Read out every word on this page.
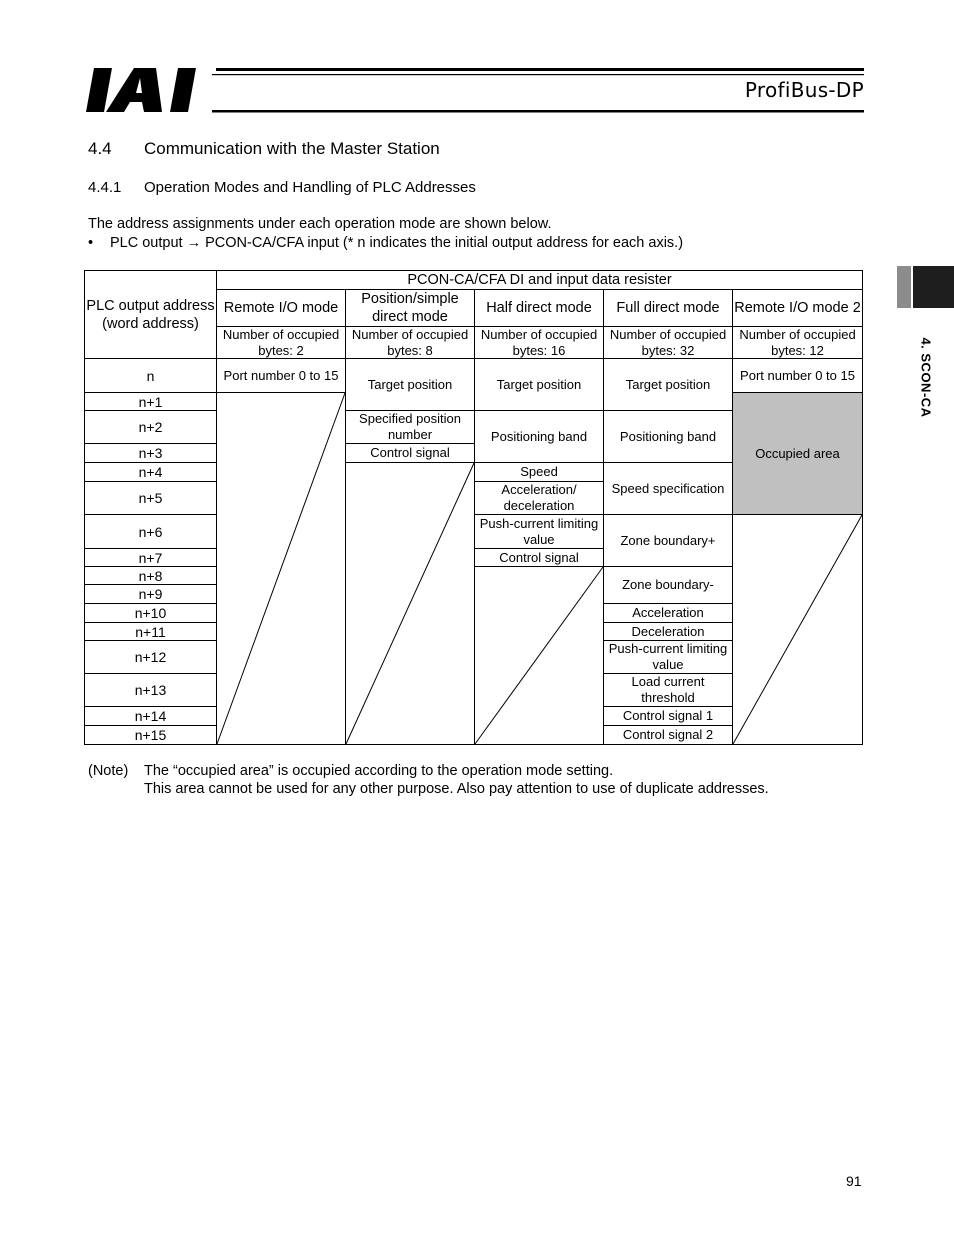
ProfiBus-DP
4. SCON-CA
4.4 Communication with the Master Station
4.4.1 Operation Modes and Handling of PLC Addresses
The address assignments under each operation mode are shown below.
• PLC output → PCON-CA/CFA input (* n indicates the initial output address for each axis.)
PLC output address (word address)
PCON-CA/CFA DI and input data resister
Remote I/O mode
Position/simple direct mode
Half direct mode	Full direct mode	Remote I/O mode 2
Number of occupied bytes: 2
Number of occupied bytes: 8
Number of occupied bytes: 16
Number of occupied bytes: 32
Number of occupied bytes: 12
n
n+1
n+2
n+3
n+4
n+5
n+6
n+7
n+8
n+9
n+10
n+11
n+12
n+13
n+14
n+15
Port number 0 to 15
Target position
Specified position number
Control signal
Target position
Positioning band
Speed
Acceleration/ deceleration
Push-current limiting value
Control signal
Target position
Positioning band
Speed specification
Zone boundary+
Zone boundary-
Acceleration
Deceleration
Push-current limiting value
Load current threshold
Control signal 1
Control signal 2
Port number 0 to 15
Occupied area
(Note) The “occupied area” is occupied according to the operation mode setting.
This area cannot be used for any other purpose. Also pay attention to use of duplicate addresses.
91
